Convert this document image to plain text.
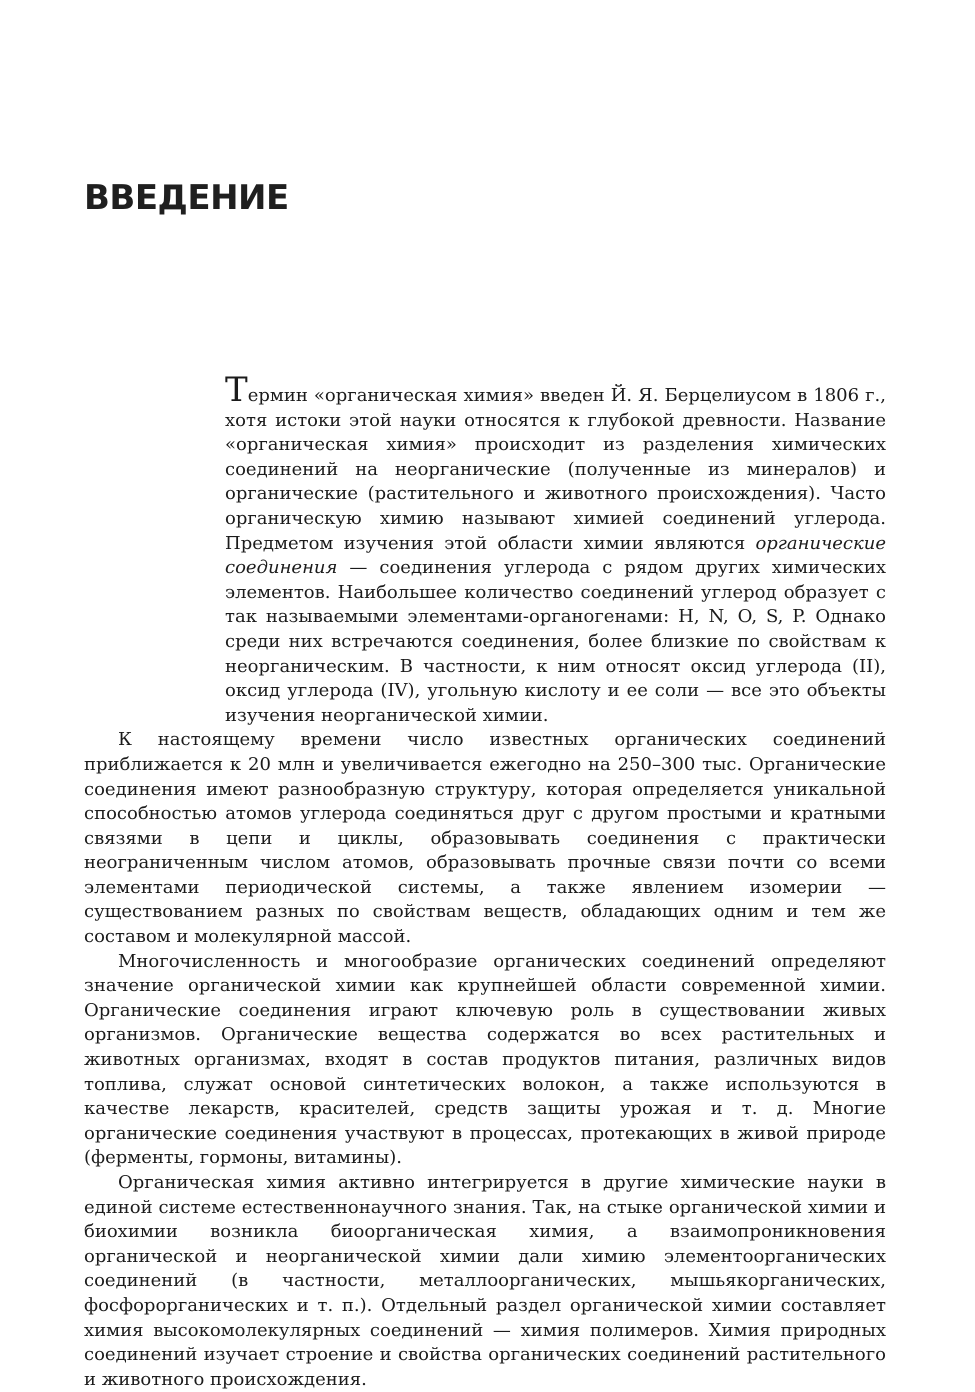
ВВЕДЕНИЕ

Термин «органическая химия» введен Й. Я. Берцелиусом в 1806 г., хотя истоки этой науки относятся к глубокой древности. Название «органическая химия» происходит из разделения химических соединений на неорганические (полученные из минералов) и органические (растительного и животного происхождения). Часто органическую химию называют химией соединений углерода. Предметом изучения этой области химии являются органические соединения — соединения углерода с рядом других химических элементов. Наибольшее количество соединений углерод образует с так называемыми элементами-органогенами: H, N, O, S, P. Однако среди них встречаются соединения, более близкие по свойствам к неорганическим. В частности, к ним относят оксид углерода (II), оксид углерода (IV), угольную кислоту и ее соли — все это объекты изучения неорганической химии.

К настоящему времени число известных органических соединений приближается к 20 млн и увеличивается ежегодно на 250–300 тыс. Органические соединения имеют разнообразную структуру, которая определяется уникальной способностью атомов углерода соединяться друг с другом простыми и кратными связями в цепи и циклы, образовывать соединения с практически неограниченным числом атомов, образовывать прочные связи почти со всеми элементами периодической системы, а также явлением изомерии — существованием разных по свойствам веществ, обладающих одним и тем же составом и молекулярной массой.

Многочисленность и многообразие органических соединений определяют значение органической химии как крупнейшей области современной химии. Органические соединения играют ключевую роль в существовании живых организмов. Органические вещества содержатся во всех растительных и животных организмах, входят в состав продуктов питания, различных видов топлива, служат основой синтетических волокон, а также используются в качестве лекарств, красителей, средств защиты урожая и т. д. Многие органические соединения участвуют в процессах, протекающих в живой природе (ферменты, гормоны, витамины).

Органическая химия активно интегрируется в другие химические науки в единой системе естественнонаучного знания. Так, на стыке органической химии и биохимии возникла биоорганическая химия, а взаимопроникновения органической и неорганической химии дали химию элементоорганических соединений (в частности, металлоорганических, мышьякорганических, фосфорорганических и т. п.). Отдельный раздел органической химии составляет химия высокомолекулярных соединений — химия полимеров. Химия природных соединений изучает строение и свойства органических соединений растительного и животного происхождения.
